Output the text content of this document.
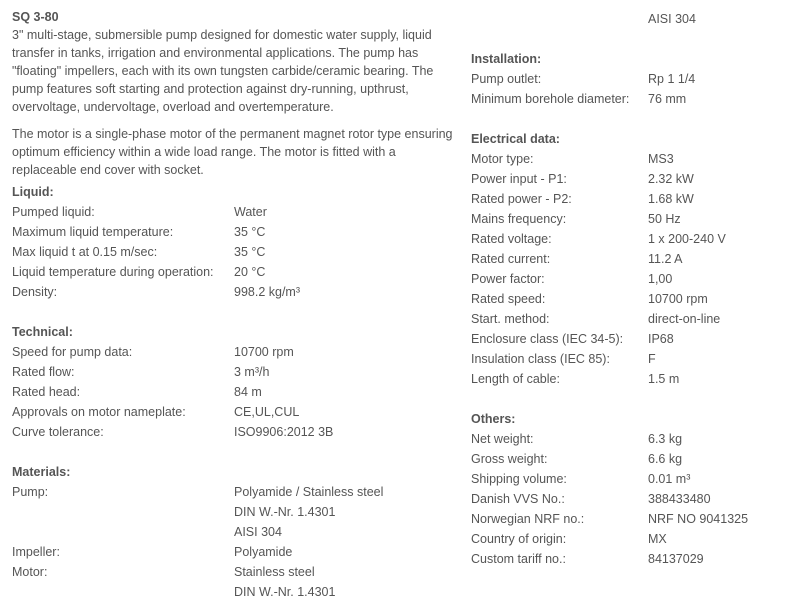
SQ 3-80

3" multi-stage, submersible pump designed for domestic water supply, liquid transfer in tanks, irrigation and environmental applications. The pump has "floating" impellers, each with its own tungsten carbide/ceramic bearing. The pump features soft starting and protection against dry-running, upthrust, overvoltage, undervoltage, overload and overtemperature.

The motor is a single-phase motor of the permanent magnet rotor type ensuring optimum efficiency within a wide load range. The motor is fitted with a replaceable end cover with socket.

Liquid:
Pumped liquid:	Water
Maximum liquid temperature:	35 °C
Max liquid t at 0.15 m/sec:	35 °C
Liquid temperature during operation:	20 °C
Density:	998.2 kg/m³
Technical:
Speed for pump data:	10700 rpm
Rated flow:	3 m³/h
Rated head:	84 m
Approvals on motor nameplate:	CE,UL,CUL
Curve tolerance:	ISO9906:2012 3B
Materials:
Pump:	Polyamide / Stainless steel
DIN W.-Nr. 1.4301
AISI 304
Impeller:	Polyamide
Motor:	Stainless steel
DIN W.-Nr. 1.4301
AISI 304
Installation:
Pump outlet:	Rp 1 1/4
Minimum borehole diameter:	76 mm
Electrical data:
Motor type:	MS3
Power input - P1:	2.32 kW
Rated power - P2:	1.68 kW
Mains frequency:	50 Hz
Rated voltage:	1 x 200-240 V
Rated current:	11.2 A
Power factor:	1,00
Rated speed:	10700 rpm
Start. method:	direct-on-line
Enclosure class (IEC 34-5):	IP68
Insulation class (IEC 85):	F
Length of cable:	1.5 m
Others:
Net weight:	6.3 kg
Gross weight:	6.6 kg
Shipping volume:	0.01 m³
Danish VVS No.:	388433480
Norwegian NRF no.:	NRF NO 9041325
Country of origin:	MX
Custom tariff no.:	84137029
